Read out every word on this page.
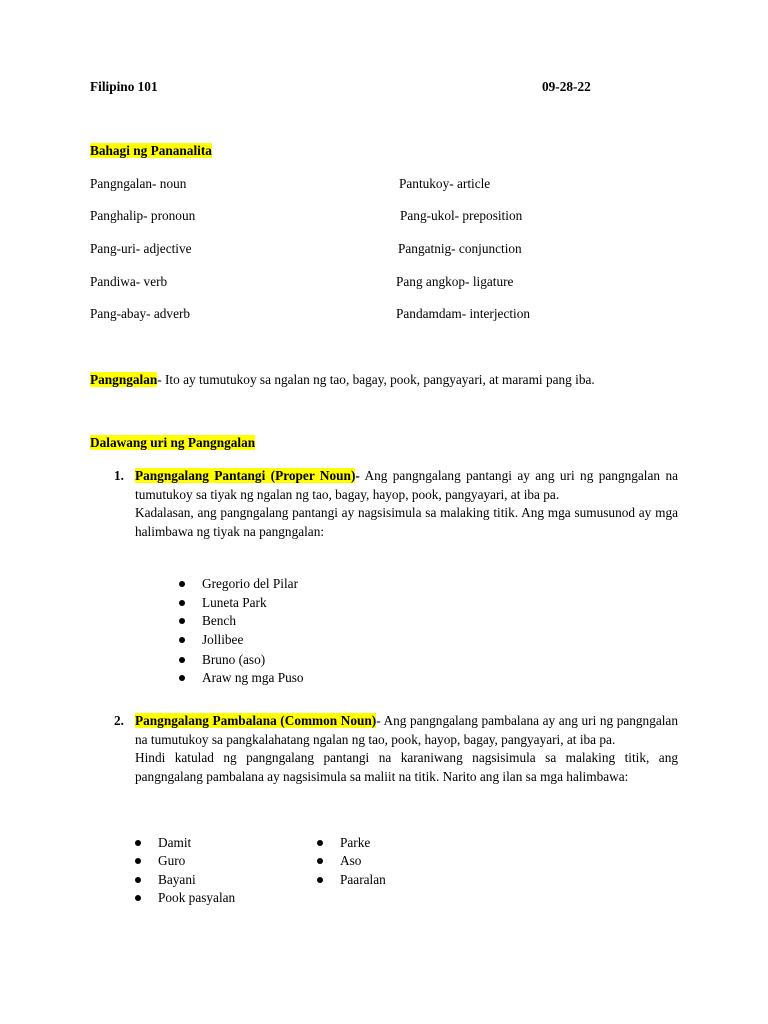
Filipino 101	09-28-22
Bahagi ng Pananalita
Pangngalan- noun
Panghalip- pronoun
Pang-uri- adjective
Pandiwa- verb
Pang-abay- adverb
Pantukoy- article
Pang-ukol- preposition
Pangatnig- conjunction
Pang angkop- ligature
Pandamdam- interjection
Pangngalan- Ito ay tumutukoy sa ngalan ng tao, bagay, pook, pangyayari, at marami pang iba.
Dalawang uri ng Pangngalan
1. Pangngalang Pantangi (Proper Noun)- Ang pangngalang pantangi ay ang uri ng pangngalan na tumutukoy sa tiyak ng ngalan ng tao, bagay, hayop, pook, pangyayari, at iba pa.
Kadalasan, ang pangngalang pantangi ay nagsisimula sa malaking titik. Ang mga sumusunod ay mga halimbawa ng tiyak na pangngalan:
Gregorio del Pilar
Luneta Park
Bench
Jollibee
Bruno (aso)
Araw ng mga Puso
2. Pangngalang Pambalana (Common Noun)- Ang pangngalang pambalana ay ang uri ng pangngalan na tumutukoy sa pangkalahatang ngalan ng tao, pook, hayop, bagay, pangyayari, at iba pa.
Hindi katulad ng pangngalang pantangi na karaniwang nagsisimula sa malaking titik, ang pangngalang pambalana ay nagsisimula sa maliit na titik. Narito ang ilan sa mga halimbawa:
Damit
Guro
Bayani
Pook pasyalan
Parke
Aso
Paaralan
